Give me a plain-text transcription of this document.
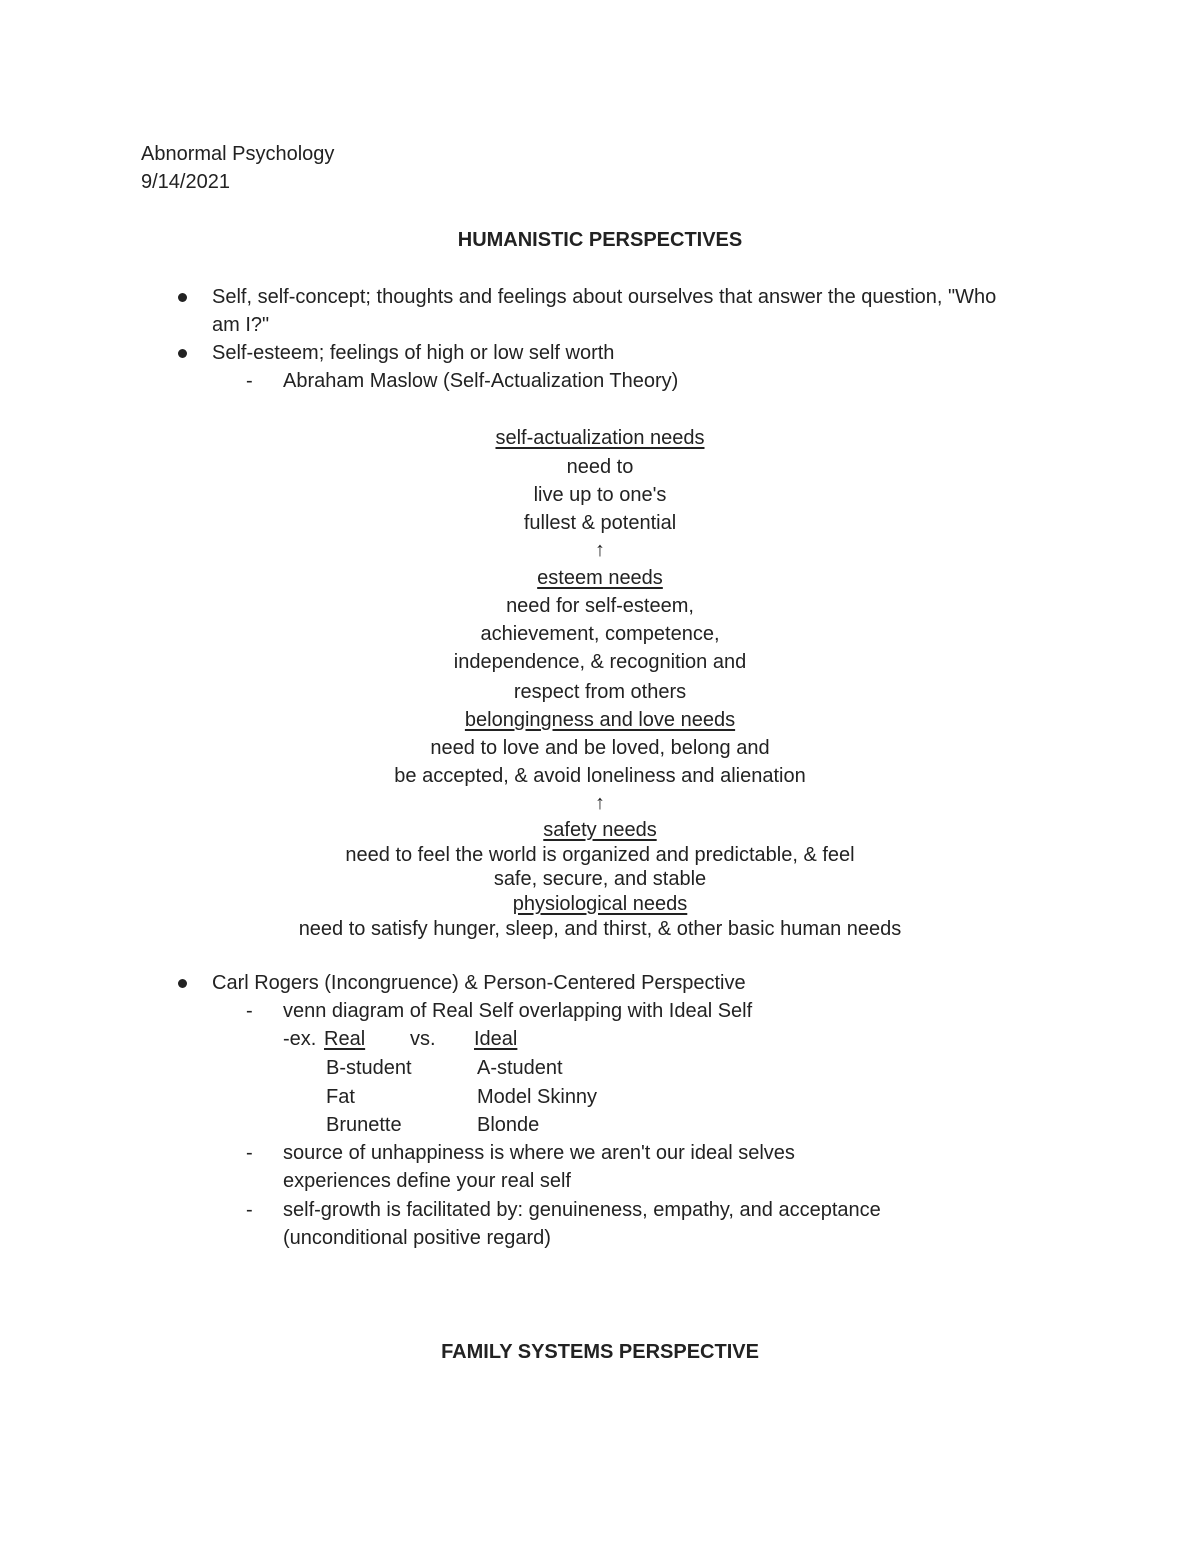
Abnormal Psychology
9/14/2021
HUMANISTIC PERSPECTIVES
Self, self-concept; thoughts and feelings about ourselves that answer the question, "Who
am I?"
Self-esteem; feelings of high or low self worth
- Abraham Maslow (Self-Actualization Theory)
self-actualization needs
need to
live up to one's
fullest & potential
↑
esteem needs
need for self-esteem,
achievement, competence,
independence, & recognition and
respect from others
belongingness and love needs
need to love and be loved, belong and
be accepted, & avoid loneliness and alienation
↑
safety needs
need to feel the world is organized and predictable, & feel
safe, secure, and stable
physiological needs
need to satisfy hunger, sleep, and thirst, & other basic human needs
Carl Rogers (Incongruence) & Person-Centered Perspective
- venn diagram of Real Self overlapping with Ideal Self
-ex. Real vs. Ideal
B-student	A-student
Fat	Model Skinny
Brunette	Blonde
- source of unhappiness is where we aren't our ideal selves
experiences define your real self
- self-growth is facilitated by: genuineness, empathy, and acceptance
(unconditional positive regard)
FAMILY SYSTEMS PERSPECTIVE
